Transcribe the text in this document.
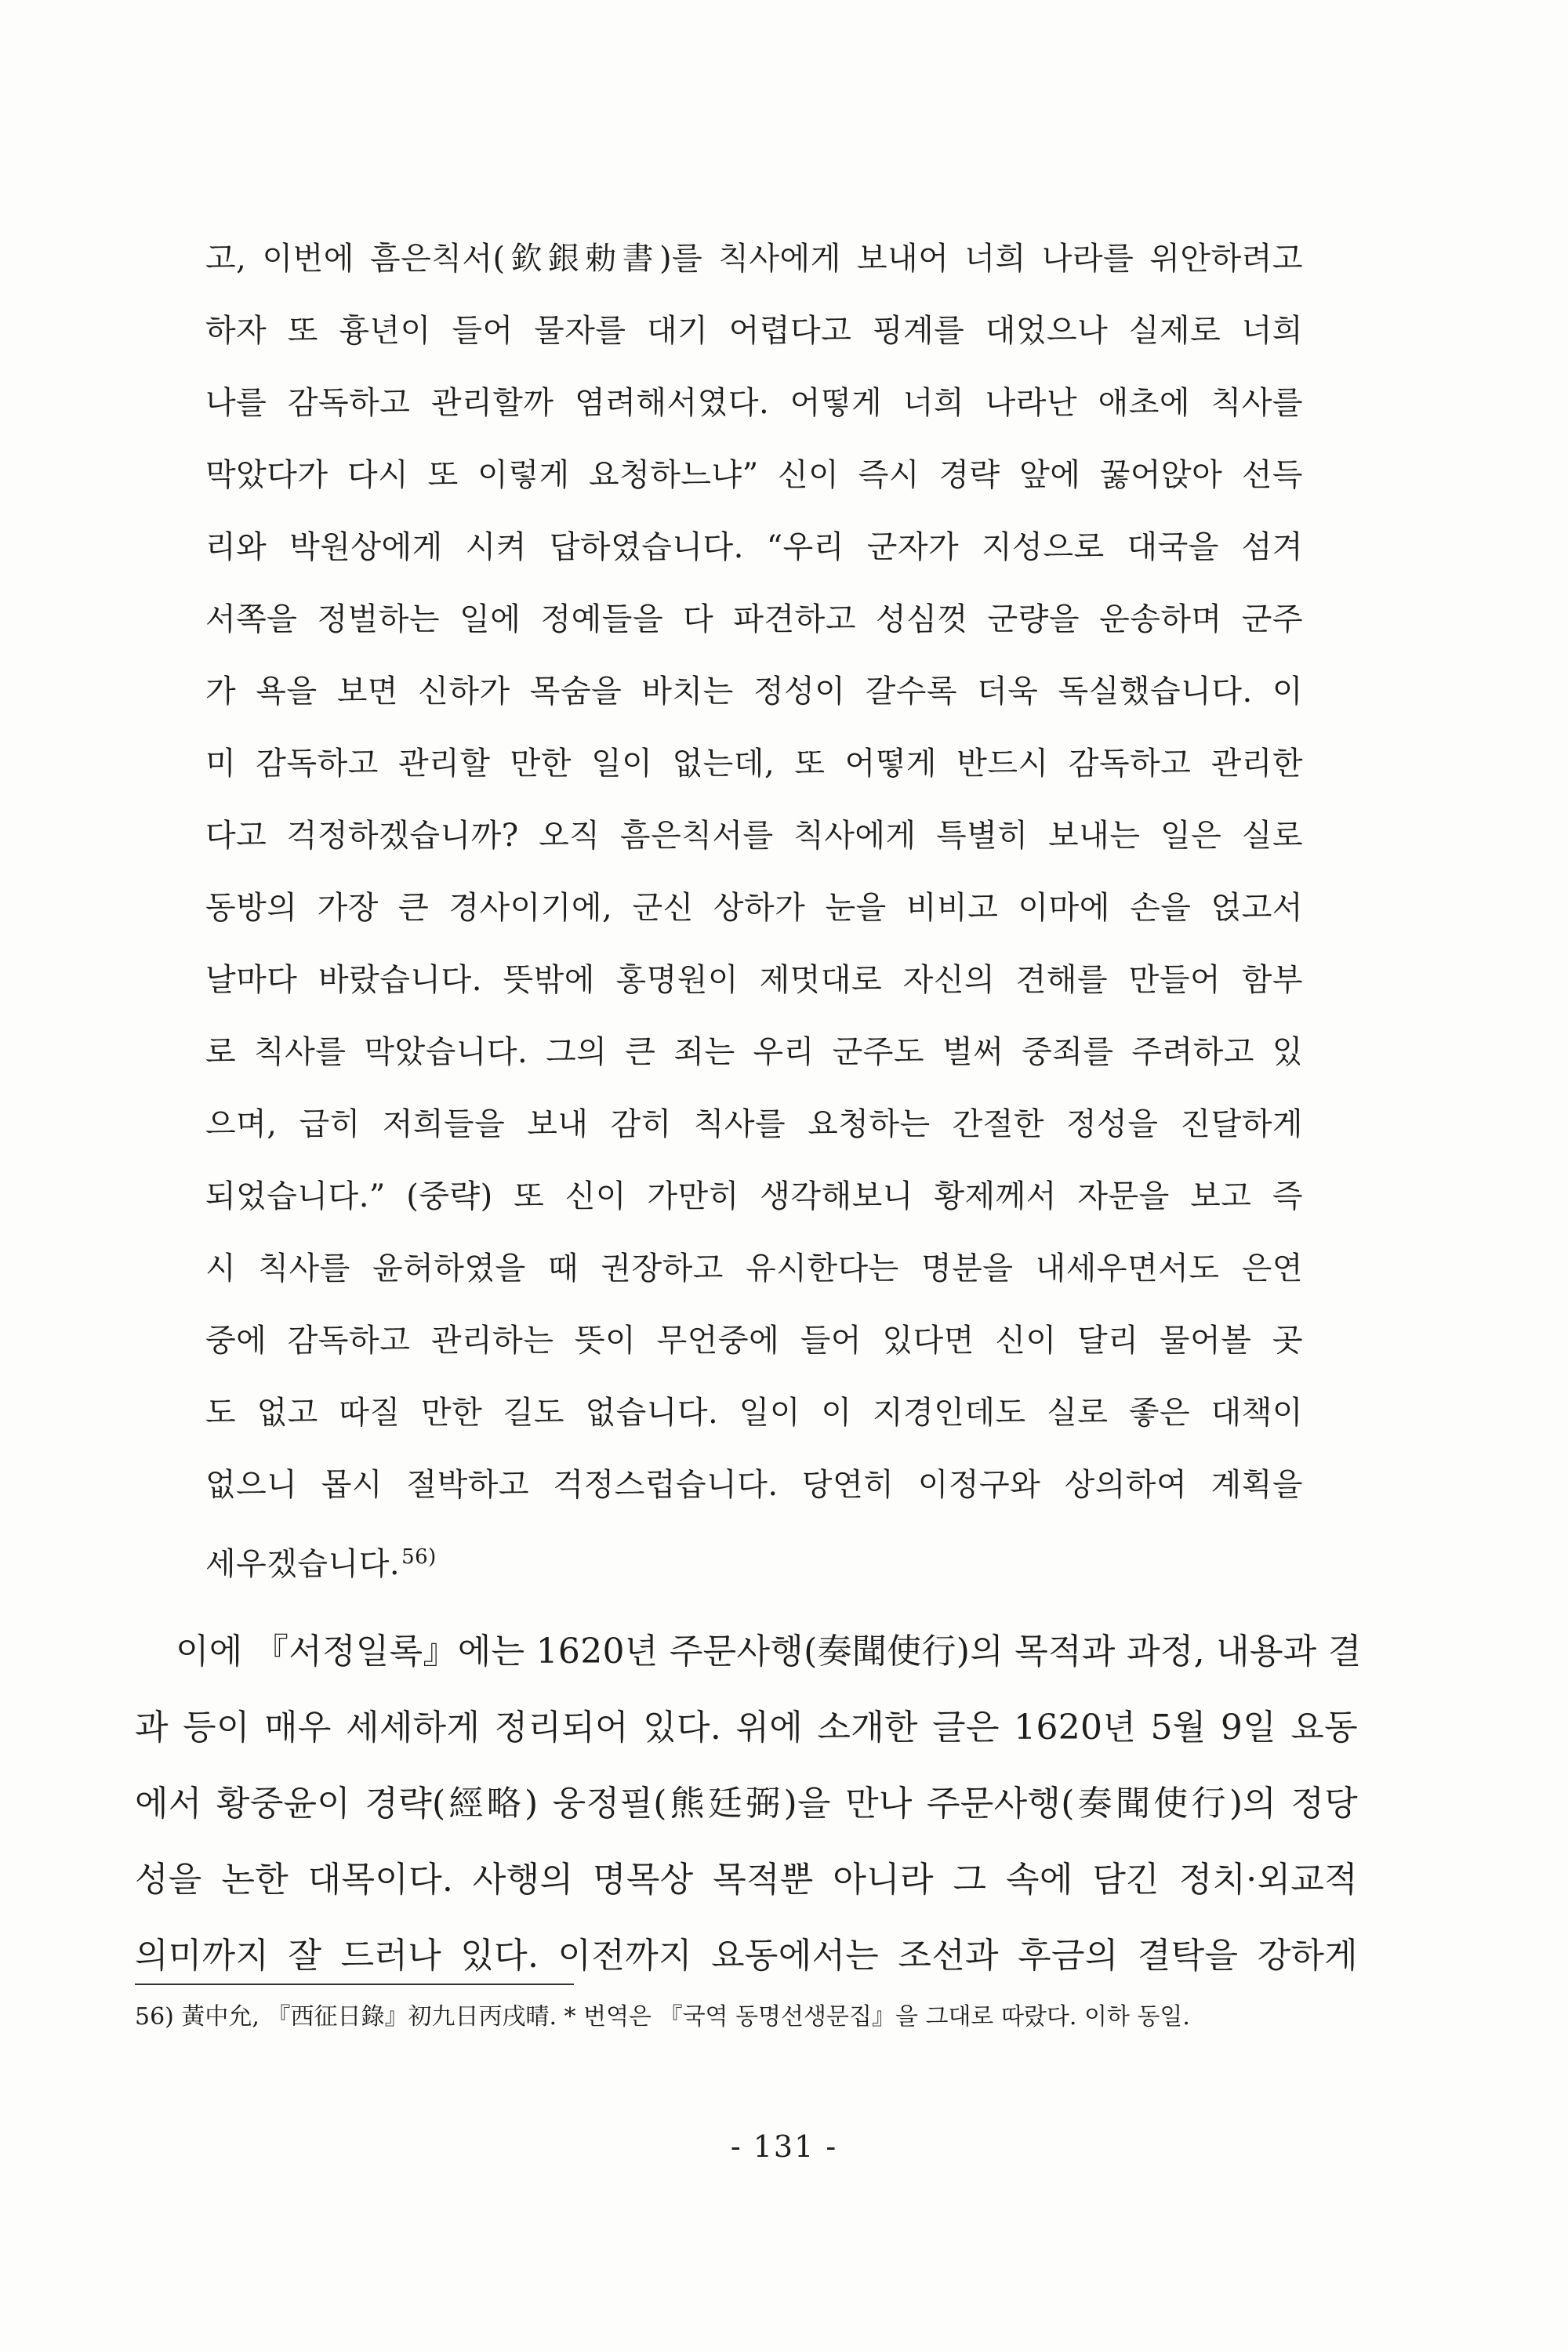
고, 이번에 흠은칙서(欽銀勅書)를 칙사에게 보내어 너희 나라를 위안하려고
하자 또 흉년이 들어 물자를 대기 어렵다고 핑계를 대었으나 실제로 너희
나를 감독하고 관리할까 염려해서였다. 어떻게 너희 나라난 애초에 칙사를
막았다가 다시 또 이렇게 요청하느냐” 신이 즉시 경략 앞에 꿇어앉아 선득
리와 박원상에게 시켜 답하였습니다. “우리 군자가 지성으로 대국을 섬겨
서쪽을 정벌하는 일에 정예들을 다 파견하고 성심껏 군량을 운송하며 군주
가 욕을 보면 신하가 목숨을 바치는 정성이 갈수록 더욱 독실했습니다. 이
미 감독하고 관리할 만한 일이 없는데, 또 어떻게 반드시 감독하고 관리한
다고 걱정하겠습니까? 오직 흠은칙서를 칙사에게 특별히 보내는 일은 실로
동방의 가장 큰 경사이기에, 군신 상하가 눈을 비비고 이마에 손을 얹고서
날마다 바랐습니다. 뜻밖에 홍명원이 제멋대로 자신의 견해를 만들어 함부
로 칙사를 막았습니다. 그의 큰 죄는 우리 군주도 벌써 중죄를 주려하고 있
으며, 급히 저희들을 보내 감히 칙사를 요청하는 간절한 정성을 진달하게
되었습니다.” (중략) 또 신이 가만히 생각해보니 황제께서 자문을 보고 즉
시 칙사를 윤허하였을 때 권장하고 유시한다는 명분을 내세우면서도 은연
중에 감독하고 관리하는 뜻이 무언중에 들어 있다면 신이 달리 물어볼 곳
도 없고 따질 만한 길도 없습니다. 일이 이 지경인데도 실로 좋은 대책이
없으니 몹시 절박하고 걱정스럽습니다. 당연히 이정구와 상의하여 계획을
세우겠습니다.$^{56)}$
이에 『서정일록』에는 1620년 주문사행(奏聞使行)의 목적과 과정, 내용과 결
과 등이 매우 세세하게 정리되어 있다. 위에 소개한 글은 1620년 5월 9일 요동
에서 황중윤이 경략(經略) 웅정필(熊廷弼)을 만나 주문사행(奏聞使行)의 정당
성을 논한 대목이다. 사행의 명목상 목적뿐 아니라 그 속에 담긴 정치·외교적
의미까지 잘 드러나 있다. 이전까지 요동에서는 조선과 후금의 결탁을 강하게
56) 黃中允, 『西征日錄』初九日丙戌晴. * 번역은 『국역 동명선생문집』을 그대로 따랐다. 이하 동일.
- 131 -
